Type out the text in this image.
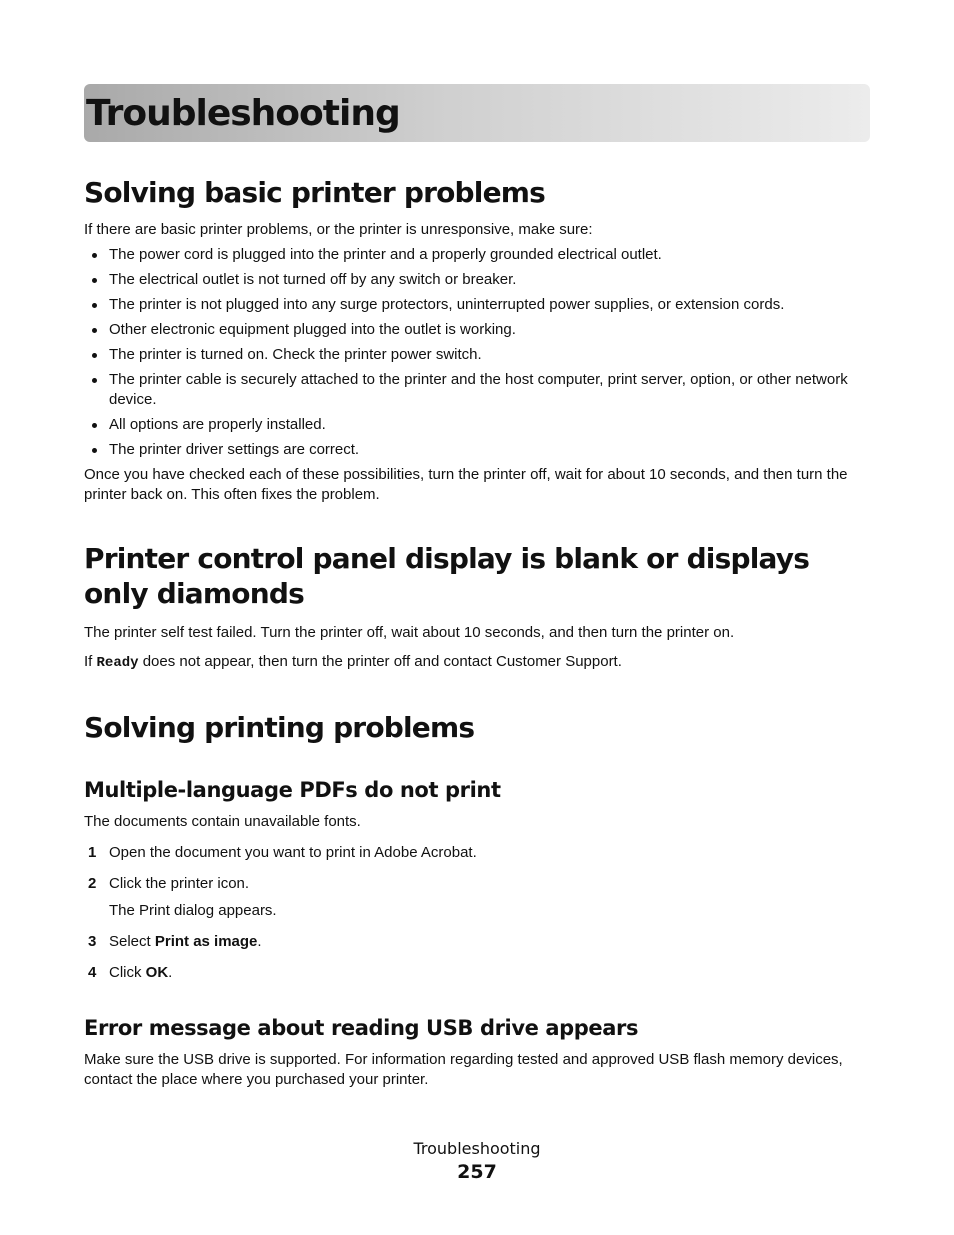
Troubleshooting
Solving basic printer problems

If there are basic printer problems, or the printer is unresponsive, make sure:

The power cord is plugged into the printer and a properly grounded electrical outlet.
The electrical outlet is not turned off by any switch or breaker.
The printer is not plugged into any surge protectors, uninterrupted power supplies, or extension cords.
Other electronic equipment plugged into the outlet is working.
The printer is turned on. Check the printer power switch.
The printer cable is securely attached to the printer and the host computer, print server, option, or other network device.
All options are properly installed.
The printer driver settings are correct.

Once you have checked each of these possibilities, turn the printer off, wait for about 10 seconds, and then turn the printer back on. This often fixes the problem.

Printer control panel display is blank or displays only diamonds

The printer self test failed. Turn the printer off, wait about 10 seconds, and then turn the printer on.

If Ready does not appear, then turn the printer off and contact Customer Support.

Solving printing problems
Multiple-language PDFs do not print

The documents contain unavailable fonts.

1 Open the document you want to print in Adobe Acrobat.
2 Click the printer icon.
The Print dialog appears.
3 Select Print as image.
4 Click OK.
Error message about reading USB drive appears

Make sure the USB drive is supported. For information regarding tested and approved USB flash memory devices, contact the place where you purchased your printer.

Troubleshooting
257
